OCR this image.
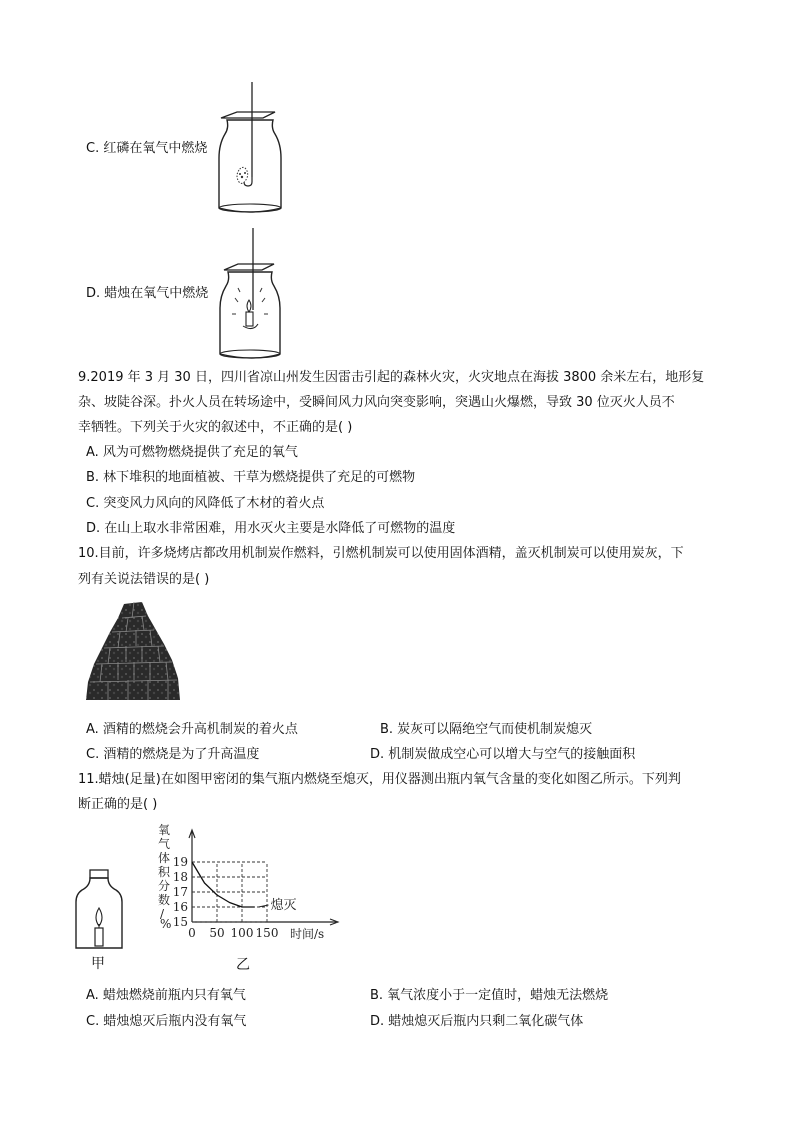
C. 红磷在氧气中燃烧
D. 蜡烛在氧气中燃烧
9.2019 年 3 月 30 日，四川省凉山州发生因雷击引起的森林火灾，火灾地点在海拔 3800 余米左右，地形复
杂、坡陡谷深。扑火人员在转场途中，受瞬间风力风向突变影响，突遇山火爆燃，导致 30 位灭火人员不
幸牺牲。下列关于火灾的叙述中，不正确的是( )
A. 风为可燃物燃烧提供了充足的氧气
B. 林下堆积的地面植被、干草为燃烧提供了充足的可燃物
C. 突变风力风向的风降低了木材的着火点
D. 在山上取水非常困难，用水灭火主要是水降低了可燃物的温度
10.目前，许多烧烤店都改用机制炭作燃料，引燃机制炭可以使用固体酒精，盖灭机制炭可以使用炭灰，下
列有关说法错误的是( )
A. 酒精的燃烧会升高机制炭的着火点	B. 炭灰可以隔绝空气而使机制炭熄灭
C. 酒精的燃烧是为了升高温度	D. 机制炭做成空心可以增大与空气的接触面积
11.蜡烛(足量)在如图甲密闭的集气瓶内燃烧至熄灭，用仪器测出瓶内氧气含量的变化如图乙所示。下列判
断正确的是( )
甲
15
16
17
18
19
0 50 100 150 时间/s
氧气体积分数/ %
熄灭
乙
A. 蜡烛燃烧前瓶内只有氧气	B. 氧气浓度小于一定值时，蜡烛无法燃烧
C. 蜡烛熄灭后瓶内没有氧气	D. 蜡烛熄灭后瓶内只剩二氧化碳气体
